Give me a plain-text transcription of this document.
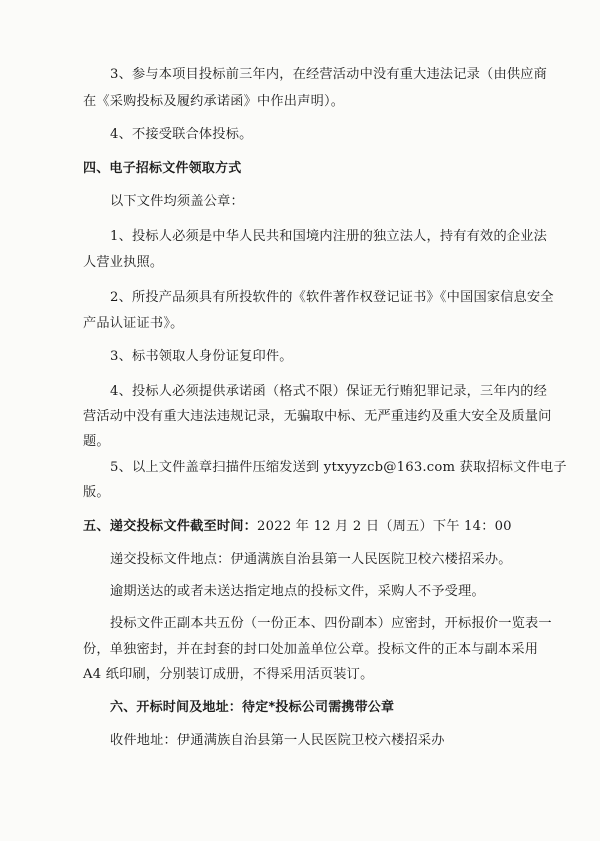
3、参与本项目投标前三年内，在经营活动中没有重大违法记录（由供应商
在《采购投标及履约承诺函》中作出声明）。
4、不接受联合体投标。
四、电子招标文件领取方式
以下文件均须盖公章：
1、投标人必须是中华人民共和国境内注册的独立法人，持有有效的企业法
人营业执照。
2、所投产品须具有所投软件的《软件著作权登记证书》《中国国家信息安全
产品认证证书》。
3、标书领取人身份证复印件。
4、投标人必须提供承诺函（格式不限）保证无行贿犯罪记录，三年内的经
营活动中没有重大违法违规记录，无骗取中标、无严重违约及重大安全及质量问
题。
5、以上文件盖章扫描件压缩发送到 ytxyyzcb@163.com 获取招标文件电子
版。
五、递交投标文件截至时间：2022 年 12 月 2 日（周五）下午 14：00
递交投标文件地点：伊通满族自治县第一人民医院卫校六楼招采办。
逾期送达的或者未送达指定地点的投标文件，采购人不予受理。
投标文件正副本共五份（一份正本、四份副本）应密封，开标报价一览表一
份，单独密封，并在封套的封口处加盖单位公章。投标文件的正本与副本采用
A4 纸印刷，分别装订成册，不得采用活页装订。
六、开标时间及地址：待定*投标公司需携带公章
收件地址：伊通满族自治县第一人民医院卫校六楼招采办
